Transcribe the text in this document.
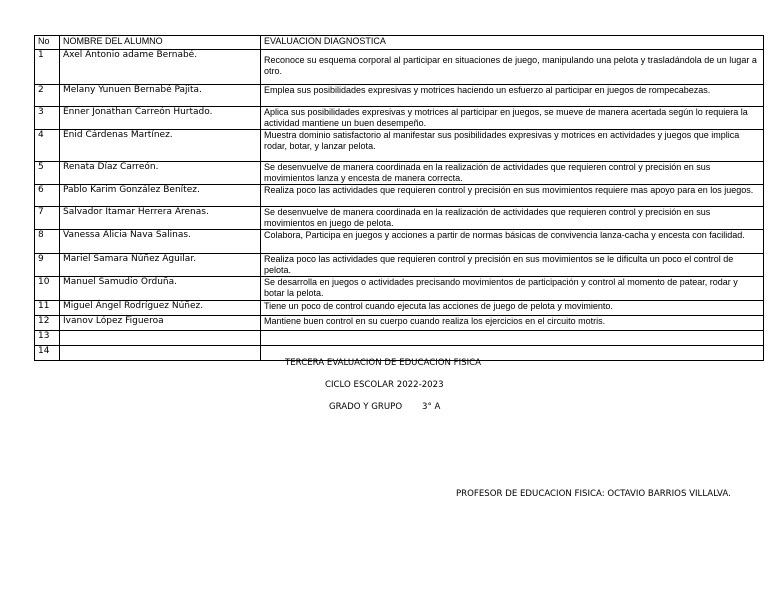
No	NOMBRE DEL ALUMNO	EVALUACION DIAGNOSTICA
1	Axel Antonio adame Bernabé.	Reconoce su esquema corporal al participar en situaciones de juego, manipulando una pelota y trasladándola de un lugar a otro.
2	Melany Yunuen Bernabé Pajita.	Emplea sus posibilidades expresivas y motrices haciendo un esfuerzo al participar en juegos de rompecabezas.
3	Enner Jonathan Carreón Hurtado.	Aplica sus posibilidades expresivas y motrices al participar en juegos, se mueve de manera acertada según lo requiera la actividad mantiene un buen desempeño.
4	Enid Cárdenas Martínez.	Muestra dominio satisfactorio al manifestar sus posibilidades expresivas y motrices en actividades y juegos que implica rodar, botar, y lanzar pelota.
5	Renata Díaz Carreón.	Se desenvuelve de manera coordinada en la realización de actividades que requieren control y precisión en sus movimientos lanza y encesta de manera correcta.
6	Pablo Karim González Benítez.	Realiza poco las actividades que requieren control y precisión en sus movimientos requiere mas apoyo para en los juegos.
7	Salvador Itamar Herrera Arenas.	Se desenvuelve de manera coordinada en la realización de actividades que requieren control y precisión en sus movimientos en juego de pelota.
8	Vanessa Alicia Nava Salinas.	Colabora, Participa en juegos y acciones a partir de normas básicas de convivencia lanza-cacha y encesta con facilidad.
9	Mariel Samara Núñez Aguilar.	Realiza poco las actividades que requieren control y precisión en sus movimientos se le dificulta un poco el control de pelota.
10	Manuel Samudio Orduña.	Se desarrolla en juegos o actividades precisando movimientos de participación y control al momento de patear, rodar y botar la pelota.
11	Miguel Ángel Rodríguez Núñez.	Tiene un poco de control cuando ejecuta las acciones de juego de pelota y movimiento.
12	Ivanov López Figueroa	Mantiene buen control en su cuerpo cuando realiza los ejercicios en el circuito motris.
13		
14		
TERCERA EVALUACION DE EDUCACION FISICA
CICLO ESCOLAR 2022-2023
GRADO Y GRUPO 3° A
PROFESOR DE EDUCACION FISICA: OCTAVIO BARRIOS VILLALVA.
